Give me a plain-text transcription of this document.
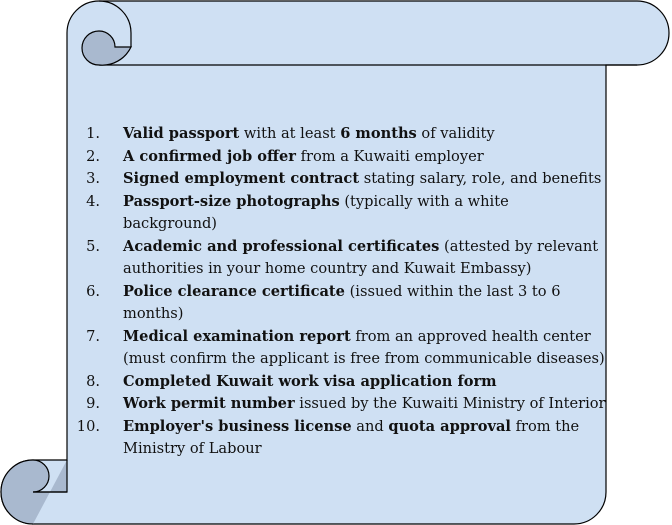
1. Valid passport with at least 6 months of validity
2. A confirmed job offer from a Kuwaiti employer
3. Signed employment contract stating salary, role, and benefits
4. Passport-size photographs (typically with a white background)
5. Academic and professional certificates (attested by relevant authorities in your home country and Kuwait Embassy)
6. Police clearance certificate (issued within the last 3 to 6 months)
7. Medical examination report from an approved health center (must confirm the applicant is free from communicable diseases)
8. Completed Kuwait work visa application form
9. Work permit number issued by the Kuwaiti Ministry of Interior
10. Employer's business license and quota approval from the Ministry of Labour
